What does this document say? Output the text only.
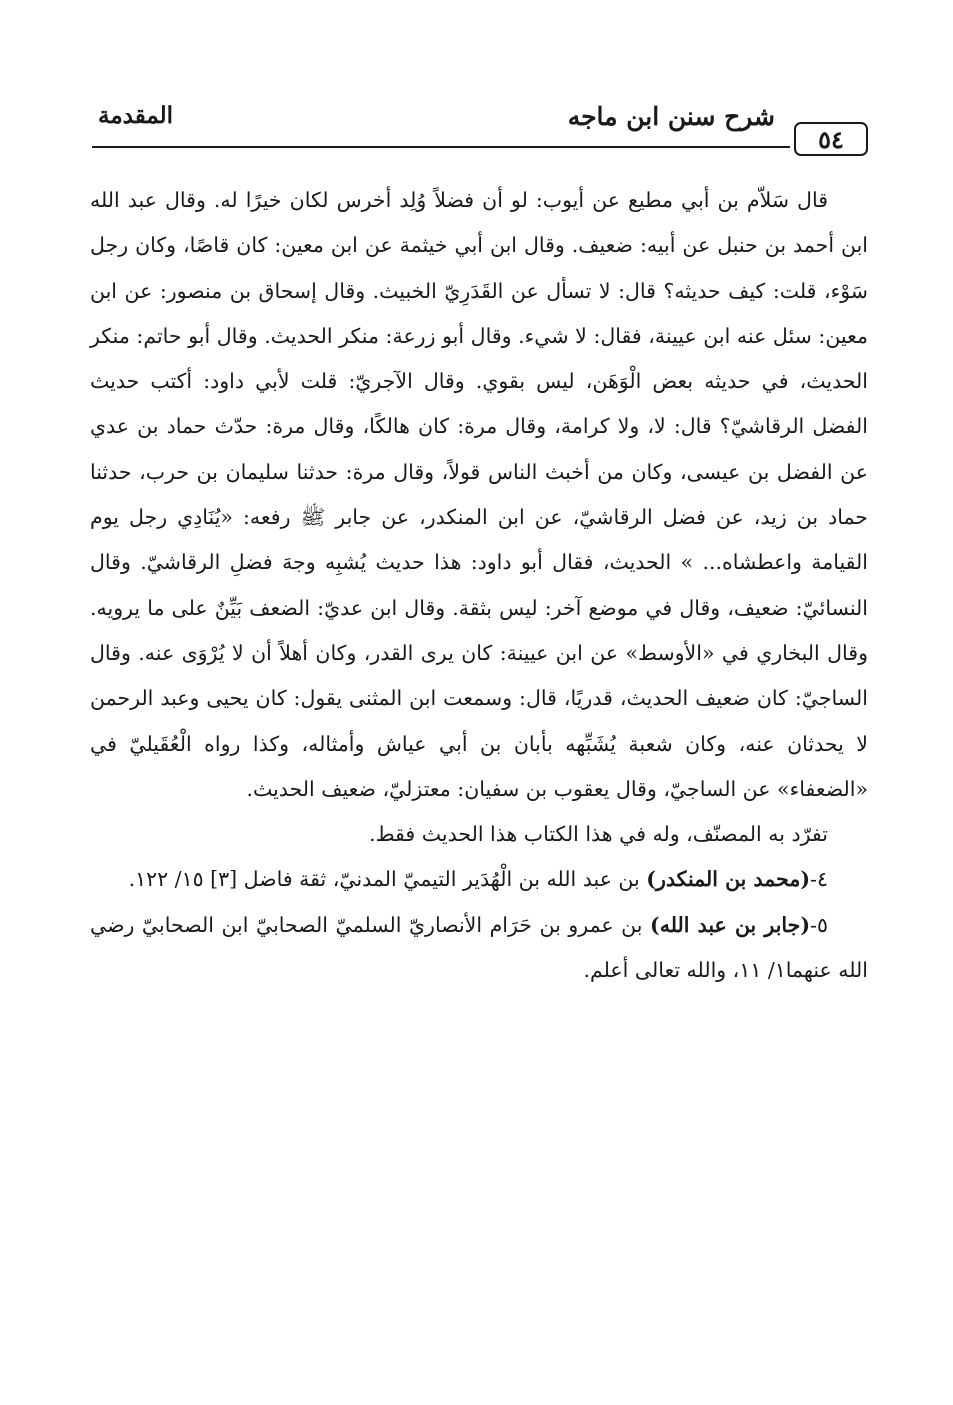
شرح سنن ابن ماجه
المقدمة
٥٤

قال سَلاّم بن أبي مطيع عن أيوب: لو أن فضلاً وُلِد أخرس لكان خيرًا له. وقال عبد الله ابن أحمد بن حنبل عن أبيه: ضعيف. وقال ابن أبي خيثمة عن ابن معين: كان قاصًا، وكان رجل سَوْء، قلت: كيف حديثه؟ قال: لا تسأل عن القَدَرِيّ الخبيث. وقال إسحاق بن منصور: عن ابن معين: سئل عنه ابن عيينة، فقال: لا شيء. وقال أبو زرعة: منكر الحديث. وقال أبو حاتم: منكر الحديث، في حديثه بعض الْوَهَن، ليس بقوي. وقال الآجريّ: قلت لأبي داود: أكتب حديث الفضل الرقاشيّ؟ قال: لا، ولا كرامة، وقال مرة: كان هالكًا، وقال مرة: حدّث حماد بن عدي عن الفضل بن عيسى، وكان من أخبث الناس قولاً، وقال مرة: حدثنا سليمان بن حرب، حدثنا حماد بن زيد، عن فضل الرقاشيّ، عن ابن المنكدر، عن جابر ﷺ رفعه: «يُنَادِي رجل يوم القيامة واعطشاه... » الحديث، فقال أبو داود: هذا حديث يُشبِه وجهَ فضلِ الرقاشيّ. وقال النسائيّ: ضعيف، وقال في موضع آخر: ليس بثقة. وقال ابن عديّ: الضعف بَيِّنٌ على ما يرويه. وقال البخاري في «الأوسط» عن ابن عيينة: كان يرى القدر، وكان أهلاً أن لا يُرْوَى عنه. وقال الساجيّ: كان ضعيف الحديث، قدريًا، قال: وسمعت ابن المثنى يقول: كان يحيى وعبد الرحمن لا يحدثان عنه، وكان شعبة يُشَبِّهه بأبان بن أبي عياش وأمثاله، وكذا رواه الْعُقَيليّ في «الضعفاء» عن الساجيّ، وقال يعقوب بن سفيان: معتزليّ، ضعيف الحديث.

تفرّد به المصنّف، وله في هذا الكتاب هذا الحديث فقط.

٤-(محمد بن المنكدر) بن عبد الله بن الْهُدَير التيميّ المدنيّ، ثقة فاضل [٣] ١٥/ ١٢٢.

٥-(جابر بن عبد الله) بن عمرو بن حَرَام الأنصاريّ السلميّ الصحابيّ ابن الصحابيّ رضي الله عنهما١/ ١١، والله تعالى أعلم.
